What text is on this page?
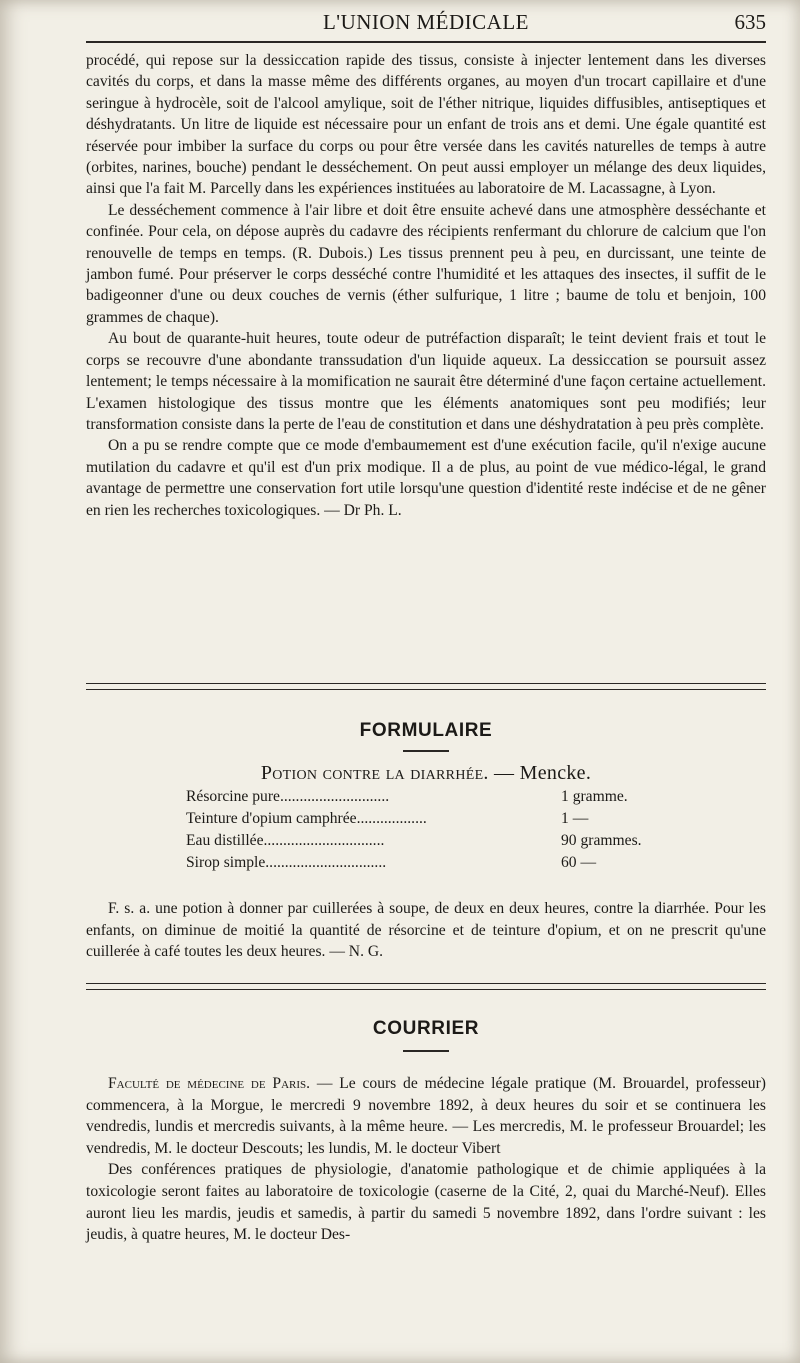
L'UNION MÉDICALE	635

procédé, qui repose sur la dessiccation rapide des tissus, consiste à injecter lentement dans les diverses cavités du corps, et dans la masse même des différents organes, au moyen d'un trocart capillaire et d'une seringue à hydrocèle, soit de l'alcool amylique, soit de l'éther nitrique, liquides diffusibles, antiseptiques et déshydratants. Un litre de liquide est nécessaire pour un enfant de trois ans et demi. Une égale quantité est réservée pour imbiber la surface du corps ou pour être versée dans les cavités naturelles de temps à autre (orbites, narines, bouche) pendant le desséchement. On peut aussi employer un mélange des deux liquides, ainsi que l'a fait M. Parcelly dans les expériences instituées au laboratoire de M. Lacassagne, à Lyon.

Le desséchement commence à l'air libre et doit être ensuite achevé dans une atmosphère desséchante et confinée. Pour cela, on dépose auprès du cadavre des récipients renfermant du chlorure de calcium que l'on renouvelle de temps en temps. (R. Dubois.) Les tissus prennent peu à peu, en durcissant, une teinte de jambon fumé. Pour préserver le corps desséché contre l'humidité et les attaques des insectes, il suffit de le badigeonner d'une ou deux couches de vernis (éther sulfurique, 1 litre ; baume de tolu et benjoin, 100 grammes de chaque).

Au bout de quarante-huit heures, toute odeur de putréfaction disparaît; le teint devient frais et tout le corps se recouvre d'une abondante transsudation d'un liquide aqueux. La dessiccation se poursuit assez lentement; le temps nécessaire à la momification ne saurait être déterminé d'une façon certaine actuellement. L'examen histologique des tissus montre que les éléments anatomiques sont peu modifiés; leur transformation consiste dans la perte de l'eau de constitution et dans une déshydratation à peu près complète.

On a pu se rendre compte que ce mode d'embaumement est d'une exécution facile, qu'il n'exige aucune mutilation du cadavre et qu'il est d'un prix modique. Il a de plus, au point de vue médico-légal, le grand avantage de permettre une conservation fort utile lorsqu'une question d'identité reste indécise et de ne gêner en rien les recherches toxicologiques. — Dr Ph. L.

FORMULAIRE
Potion contre la diarrhée. — Mencke.
Résorcine pure............................	1 gramme.
Teinture d'opium camphrée..................	1 —
Eau distillée...............................	90 grammes.
Sirop simple...............................	60 —

F. s. a. une potion à donner par cuillerées à soupe, de deux en deux heures, contre la diarrhée. Pour les enfants, on diminue de moitié la quantité de résorcine et de teinture d'opium, et on ne prescrit qu'une cuillerée à café toutes les deux heures. — N. G.

COURRIER

Faculté de médecine de Paris. — Le cours de médecine légale pratique (M. Brouardel, professeur) commencera, à la Morgue, le mercredi 9 novembre 1892, à deux heures du soir et se continuera les vendredis, lundis et mercredis suivants, à la même heure. — Les mercredis, M. le professeur Brouardel; les vendredis, M. le docteur Descouts; les lundis, M. le docteur Vibert

Des conférences pratiques de physiologie, d'anatomie pathologique et de chimie appliquées à la toxicologie seront faites au laboratoire de toxicologie (caserne de la Cité, 2, quai du Marché-Neuf). Elles auront lieu les mardis, jeudis et samedis, à partir du samedi 5 novembre 1892, dans l'ordre suivant : les jeudis, à quatre heures, M. le docteur Des-
